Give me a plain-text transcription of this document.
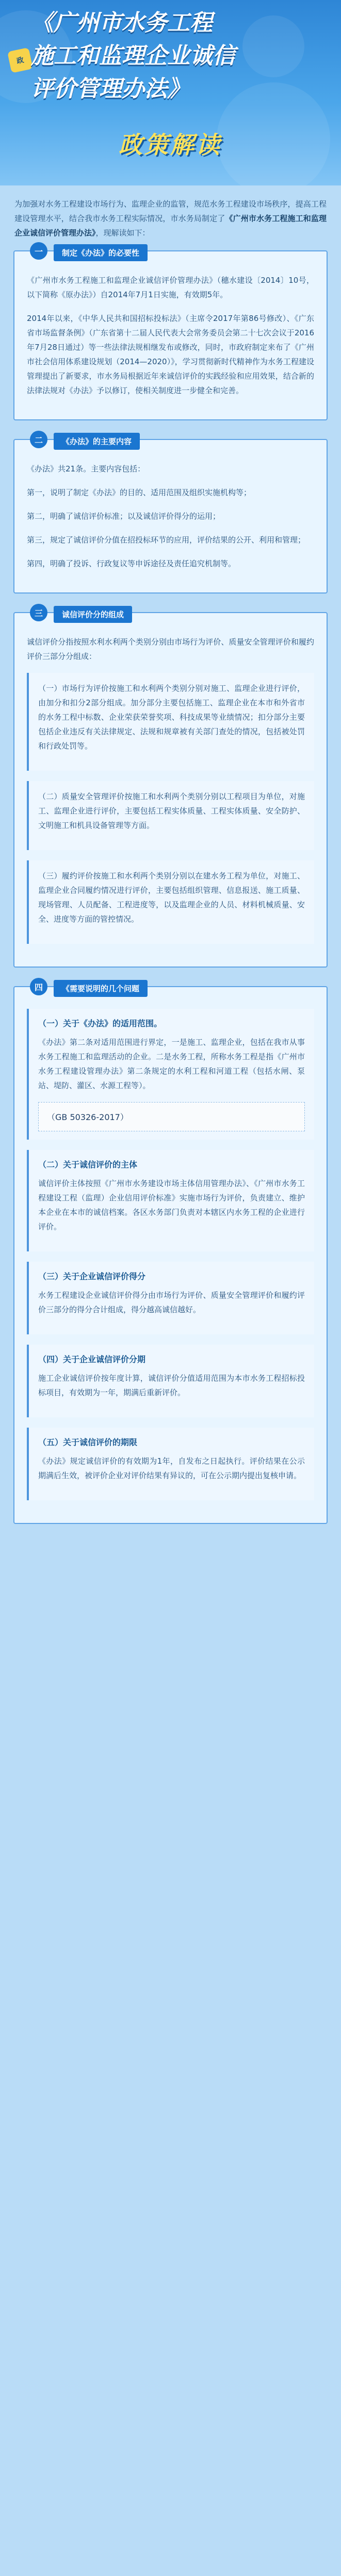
政
《广州市水务工程
施工和监理企业诚信
评价管理办法》
政策解读
为加强对水务工程建设市场行为、监理企业的监管，规范水务工程建设市场秩序，提高工程建设管理水平，结合我市水务工程实际情况，市水务局制定了《广州市水务工程施工和监理企业诚信评价管理办法》，现解读如下：
一	制定《办法》的必要性

《广州市水务工程施工和监理企业诚信评价管理办法》（穗水建设〔2014〕10号，以下简称《原办法》）自2014年7月1日实施，有效期5年。

2014年以来，《中华人民共和国招标投标法》（主席令2017年第86号修改）、《广东省市场监督条例》（广东省第十二届人民代表大会常务委员会第二十七次会议于2016年7月28日通过）等一些法律法规相继发布或修改，同时，市政府制定来布了《广州市社会信用体系建设规划（2014—2020）》，学习贯彻新时代精神作为水务工程建设管理提出了新要求，市水务局根据近年来诚信评价的实践经验和应用效果，结合新的法律法规对《办法》予以修订，使相关制度进一步健全和完善。

二	《办法》的主要内容

《办法》共21条。主要内容包括：

第一，说明了制定《办法》的目的、适用范围及组织实施机构等；

第二，明确了诚信评价标准；以及诚信评价得分的运用；

第三，规定了诚信评价分值在招投标环节的应用，评价结果的公开、利用和管理；

第四，明确了投诉、行政复议等申诉途径及责任追究机制等。

三	诚信评价分的组成

诚信评价分指按照水利水利两个类别分别由市场行为评价、质量安全管理评价和履约评价三部分分组成：

（一）市场行为评价按施工和水利两个类别分别对施工、监理企业进行评价，由加分和扣分2部分组成。加分部分主要包括施工、监理企业在本市和外省市的水务工程中标数、企业荣获荣誉奖项、科技成果等业绩情况；扣分部分主要包括企业违反有关法律规定、法规和规章被有关部门查处的情况，包括被处罚和行政处罚等。

（二）质量安全管理评价按施工和水利两个类别分别以工程项目为单位，对施工、监理企业进行评价，主要包括工程实体质量、工程实体质量、安全防护、文明施工和机具设备管理等方面。

（三）履约评价按施工和水利两个类别分别以在建水务工程为单位，对施工、监理企业合同履约情况进行评价，主要包括组织管理、信息报送、施工质量、现场管理、人员配备、工程进度等，以及监理企业的人员、材料机械质量、安全、进度等方面的管控情况。

四	《需要说明的几个问题
（一）关于《办法》的适用范围。

《办法》第二条对适用范围进行界定，一是施工、监理企业，包括在我市从事水务工程施工和监理活动的企业。二是水务工程，所称水务工程是指《广州市水务工程建设管理办法》第二条规定的水利工程和河道工程（包括水闸、泵站、堤防、灌区、水源工程等）。

（GB 50326-2017）
（二）关于诚信评价的主体

诚信评价主体按照《广州市水务建设市场主体信用管理办法》、《广州市水务工程建设工程（监理）企业信用评价标准》实施市场行为评价，负责建立、维护本企业在本市的诚信档案。各区水务部门负责对本辖区内水务工程的企业进行评价。

（三）关于企业诚信评价得分

水务工程建设企业诚信评价得分由市场行为评价、质量安全管理评价和履约评价三部分的得分合计组成，得分越高诚信越好。

（四）关于企业诚信评价分期

施工企业诚信评价按年度计算，诚信评价分值适用范围为本市水务工程招标投标项目，有效期为一年，期满后重新评价。

（五）关于诚信评价的期限

《办法》规定诚信评价的有效期为1年，自发布之日起执行。评价结果在公示期满后生效，被评价企业对评价结果有异议的，可在公示期内提出复核申请。
